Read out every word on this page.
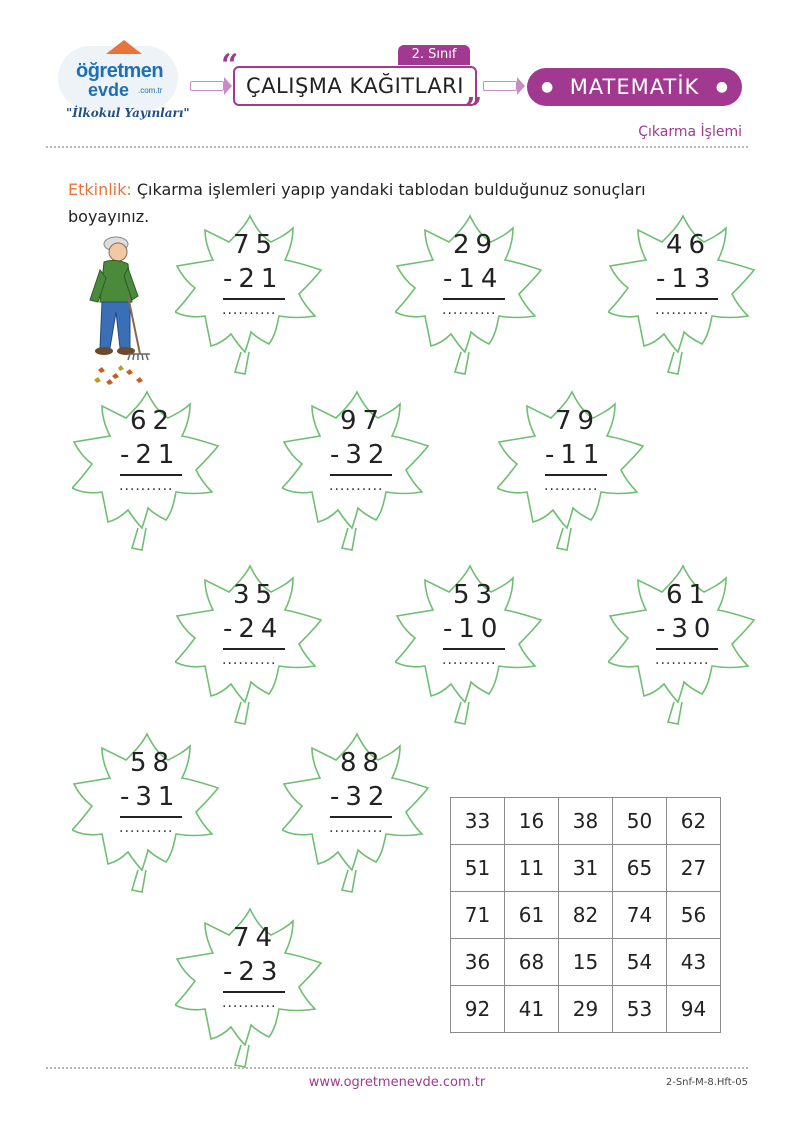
öğretmen
evde .com.tr
"İlkokul Yayınları"
“	2. Sınıf
ÇALIŞMA KAĞITLARI
”
● MATEMATİK ●
Çıkarma İşlemi
Etkinlik: Çıkarma işlemleri yapıp yandaki tablodan bulduğunuz sonuçları boyayınız.
75
-21
..........
29
-14
..........
46
-13
..........
62
-21
..........
97
-32
..........
79
-11
..........
35
-24
..........
53
-10
..........
61
-30
..........
58
-31
..........
88
-32
..........
74
-23
..........
33	16	38	50	62
51	11	31	65	27
71	61	82	74	56
36	68	15	54	43
92	41	29	53	94
www.ogretmenevde.com.tr	2-Snf-M-8.Hft-05
